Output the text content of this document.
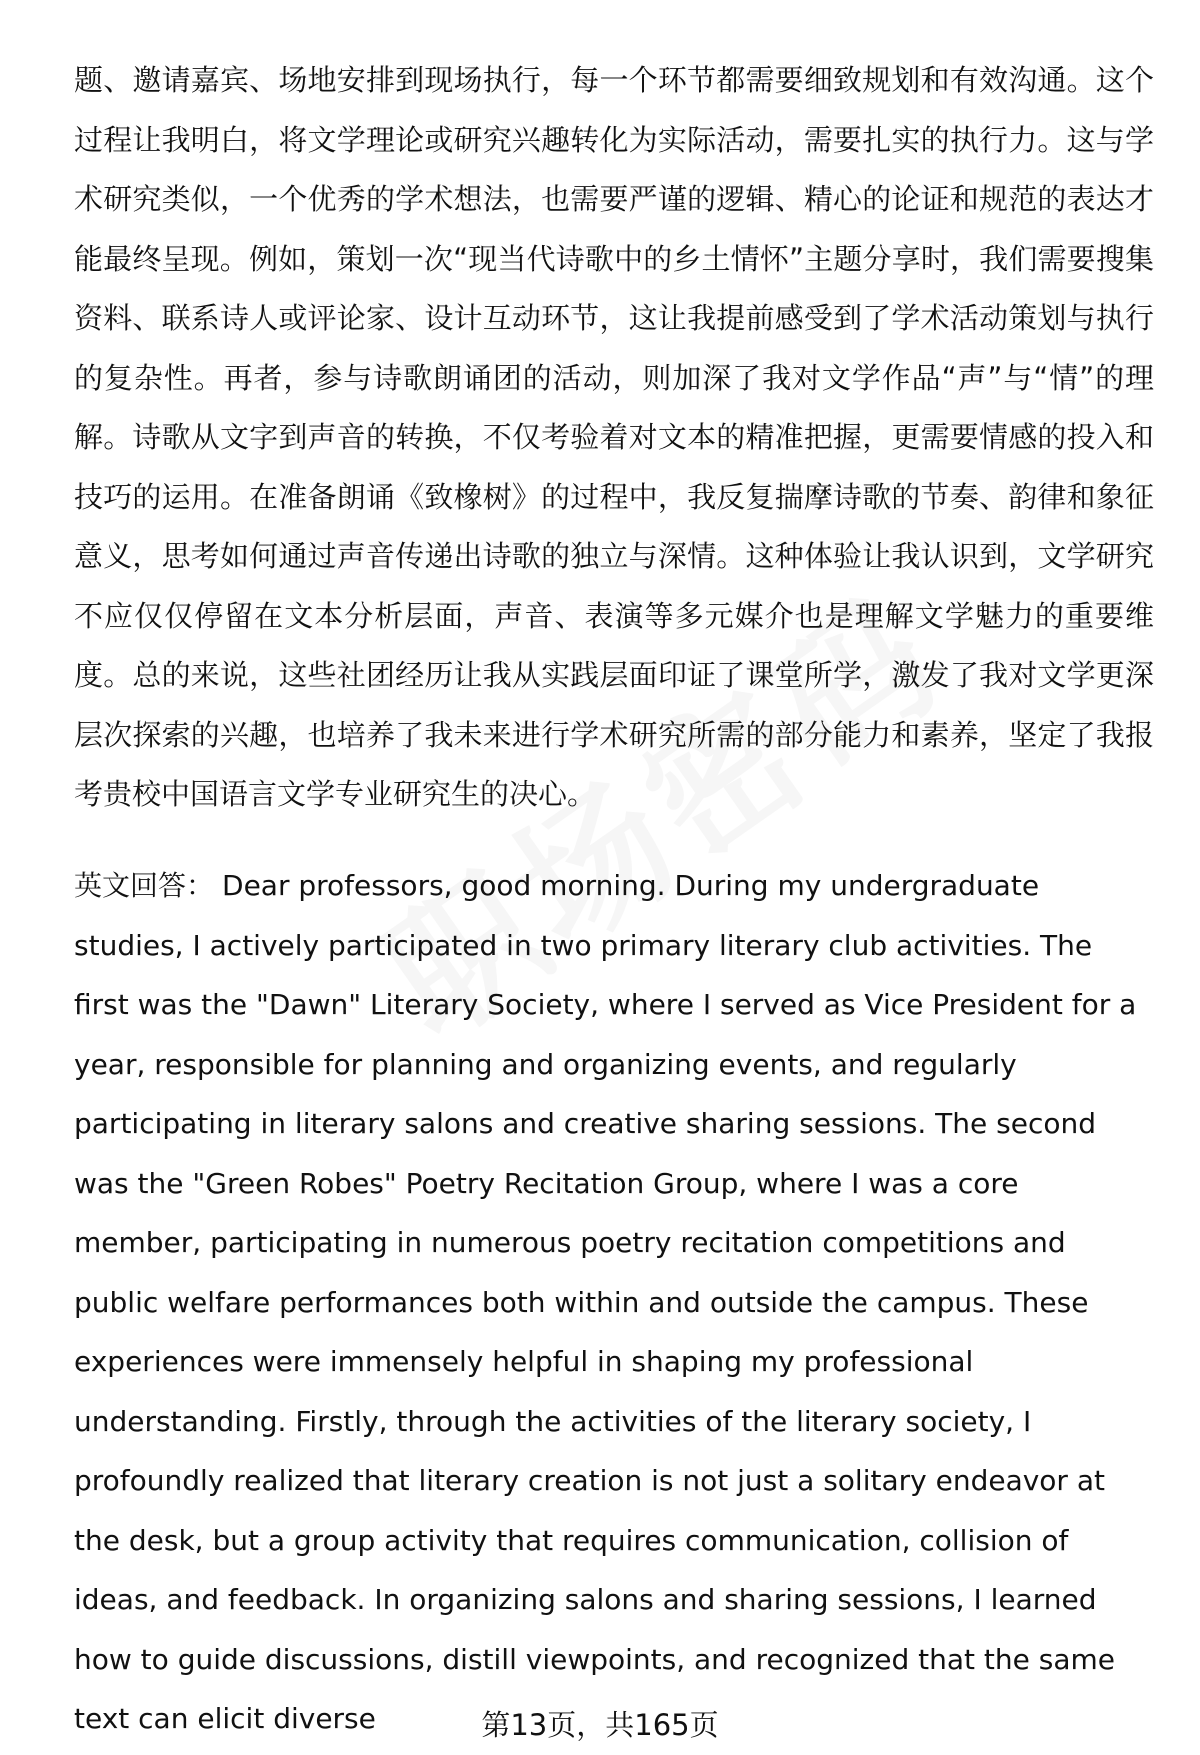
题、邀请嘉宾、场地安排到现场执行，每一个环节都需要细致规划和有效沟通。这个过程让我明白，将文学理论或研究兴趣转化为实际活动，需要扎实的执行力。这与学术研究类似，一个优秀的学术想法，也需要严谨的逻辑、精心的论证和规范的表达才能最终呈现。例如，策划一次“现当代诗歌中的乡土情怀”主题分享时，我们需要搜集资料、联系诗人或评论家、设计互动环节，这让我提前感受到了学术活动策划与执行的复杂性。再者，参与诗歌朗诵团的活动，则加深了我对文学作品“声”与“情”的理解。诗歌从文字到声音的转换，不仅考验着对文本的精准把握，更需要情感的投入和技巧的运用。在准备朗诵《致橡树》的过程中，我反复揣摩诗歌的节奏、韵律和象征意义，思考如何通过声音传递出诗歌的独立与深情。这种体验让我认识到，文学研究不应仅仅停留在文本分析层面，声音、表演等多元媒介也是理解文学魅力的重要维度。总的来说，这些社团经历让我从实践层面印证了课堂所学，激发了我对文学更深层次探索的兴趣，也培养了我未来进行学术研究所需的部分能力和素养，坚定了我报考贵校中国语言文学专业研究生的决心。

英文回答： Dear professors, good morning. During my undergraduate studies, I actively participated in two primary literary club activities. The first was the "Dawn" Literary Society, where I served as Vice President for a year, responsible for planning and organizing events, and regularly participating in literary salons and creative sharing sessions. The second was the "Green Robes" Poetry Recitation Group, where I was a core member, participating in numerous poetry recitation competitions and public welfare performances both within and outside the campus. These experiences were immensely helpful in shaping my professional understanding. Firstly, through the activities of the literary society, I profoundly realized that literary creation is not just a solitary endeavor at the desk, but a group activity that requires communication, collision of ideas, and feedback. In organizing salons and sharing sessions, I learned how to guide discussions, distill viewpoints, and recognized that the same text can elicit diverse	第13页，共165页
